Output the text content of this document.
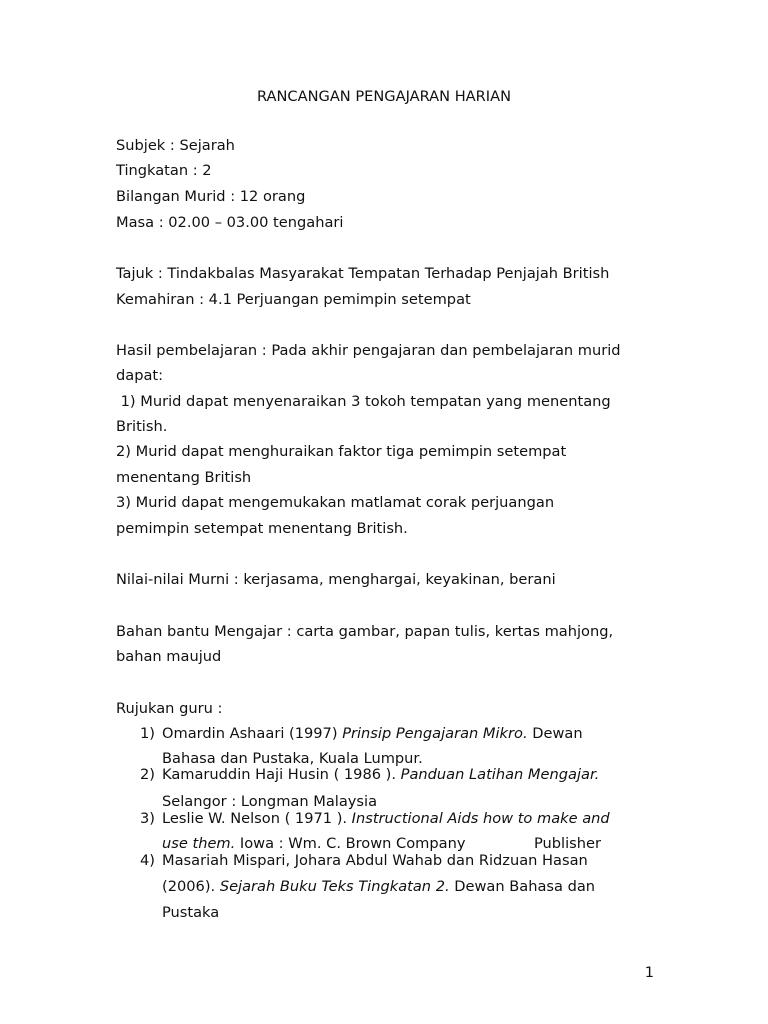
RANCANGAN PENGAJARAN HARIAN
Subjek : Sejarah
Tingkatan : 2
Bilangan Murid : 12 orang
Masa : 02.00 – 03.00 tengahari
Tajuk : Tindakbalas Masyarakat Tempatan Terhadap Penjajah British
Kemahiran : 4.1 Perjuangan pemimpin setempat
Hasil pembelajaran : Pada akhir pengajaran dan pembelajaran murid
dapat:
1) Murid dapat menyenaraikan 3 tokoh tempatan yang menentang
British.
2) Murid dapat menghuraikan faktor tiga pemimpin setempat
menentang British
3) Murid dapat mengemukakan matlamat corak perjuangan
pemimpin setempat menentang British.
Nilai-nilai Murni : kerjasama, menghargai, keyakinan, berani
Bahan bantu Mengajar : carta gambar, papan tulis, kertas mahjong,
bahan maujud
Rujukan guru :
1) Omardin Ashaari (1997) Prinsip Pengajaran Mikro. Dewan
Bahasa dan Pustaka, Kuala Lumpur.
2) Kamaruddin Haji Husin ( 1986 ). Panduan Latihan Mengajar.
Selangor : Longman Malaysia
3) Leslie W. Nelson ( 1971 ). Instructional Aids how to make and
use them. Iowa : Wm. C. Brown Company	Publisher
4) Masariah Mispari, Johara Abdul Wahab dan Ridzuan Hasan
(2006). Sejarah Buku Teks Tingkatan 2. Dewan Bahasa dan
Pustaka
1
